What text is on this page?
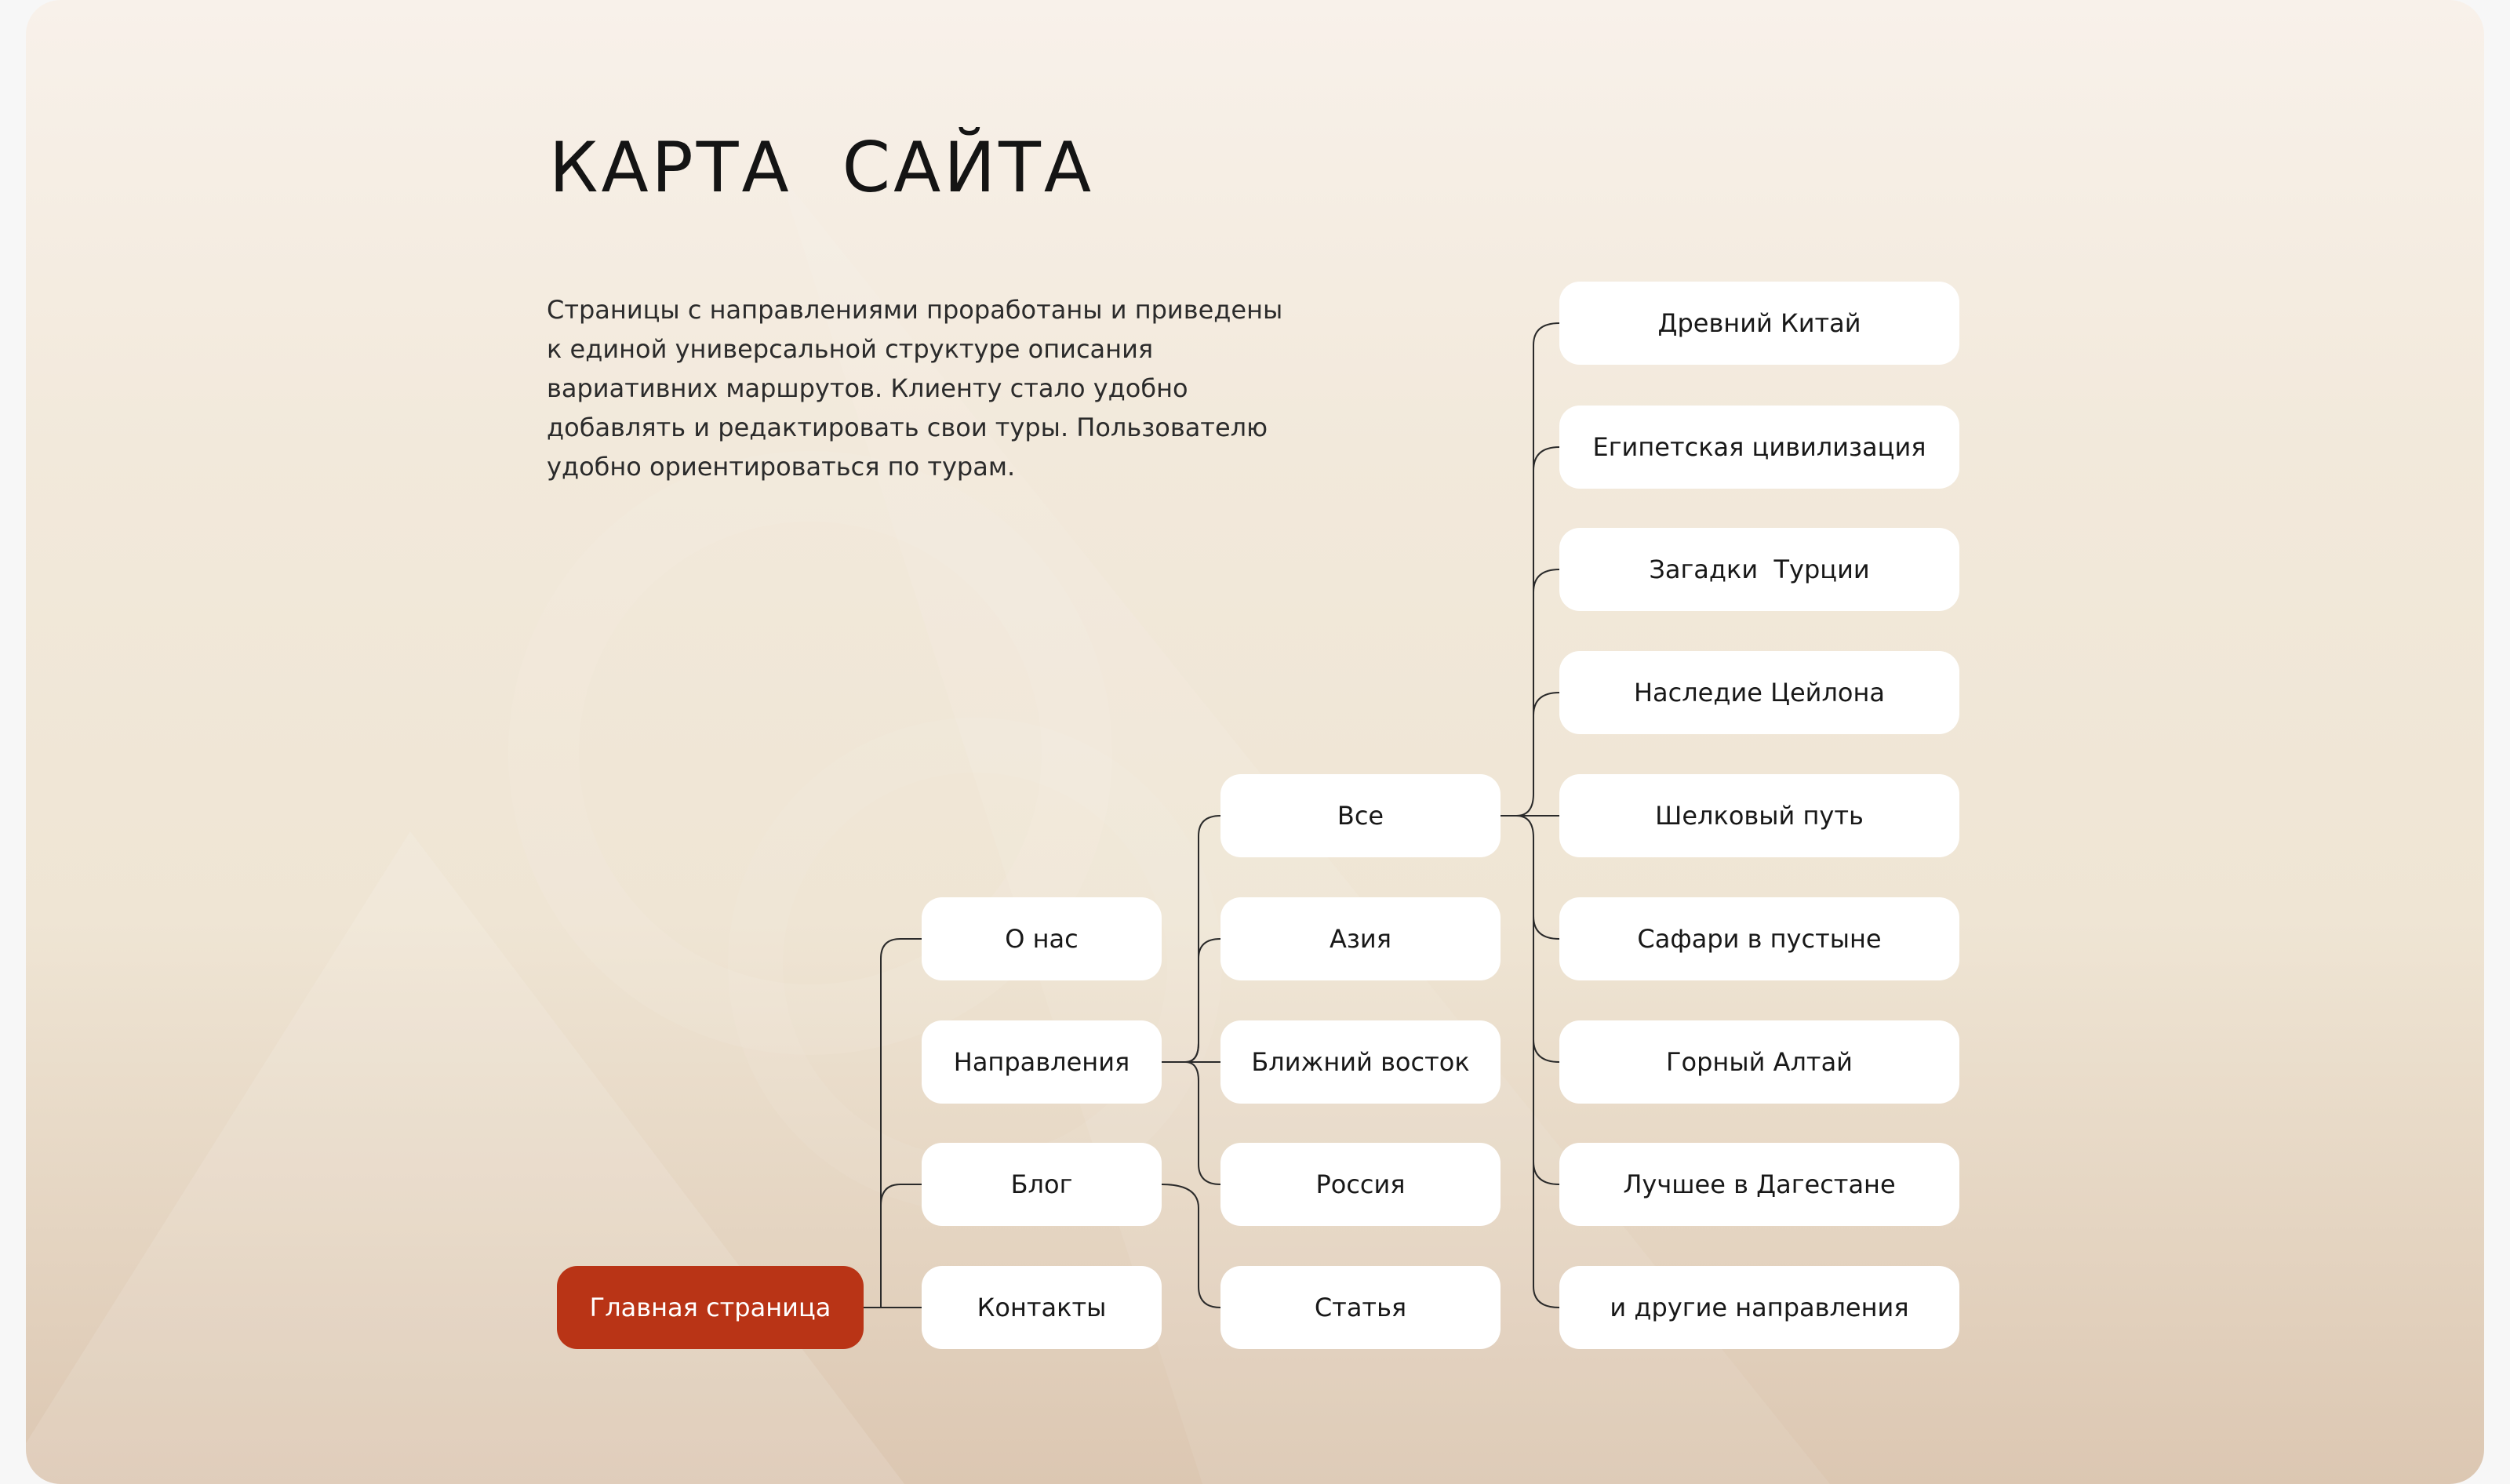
КАРТА  САЙТА

Страницы с направлениями проработаны и приведены к единой универсальной структуре описания вариативних маршрутов. Клиенту стало удобно добавлять и редактировать свои туры. Пользователю удобно ориентироваться по турам.

Главная страница
О нас
Направления
Блог
Контакты
Все
Азия
Ближний восток
Россия
Статья
Древний Китай
Египетская цивилизация
Загадки  Турции
Наследие Цейлона
Шелковый путь
Сафари в пустыне
Горный Алтай
Лучшее в Дагестане
и другие направления
